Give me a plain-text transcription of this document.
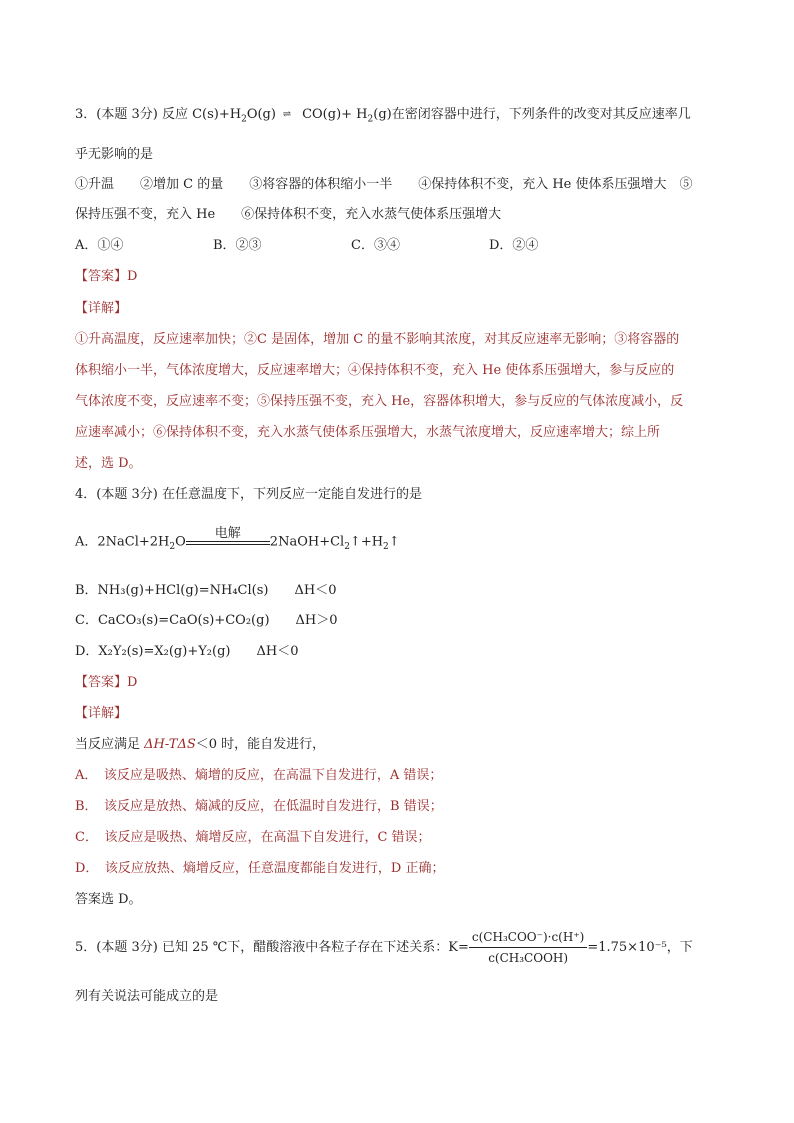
3．(本题 3分) 反应 $C(s)+H_2O(g)$ ⇌ $CO(g)+ H_2(g)$在密闭容器中进行，下列条件的改变对其反应速率几
乎无影响的是
①升温　　②增加 C 的量　　③将容器的体积缩小一半　　④保持体积不变，充入 He 使体系压强增大　⑤
保持压强不变，充入 He　　⑥保持体积不变，充入水蒸气使体系压强增大
A．①④	B．②③	C．③④	D．②④
【答案】D
【详解】
①升高温度，反应速率加快；②C 是固体，增加 C 的量不影响其浓度，对其反应速率无影响；③将容器的
体积缩小一半，气体浓度增大，反应速率增大；④保持体积不变，充入 He 使体系压强增大，参与反应的
气体浓度不变，反应速率不变；⑤保持压强不变，充入 He，容器体积增大，参与反应的气体浓度减小，反
应速率减小；⑥保持体积不变，充入水蒸气使体系压强增大，水蒸气浓度增大，反应速率增大；综上所
述，选 D。
4．(本题 3分) 在任意温度下，下列反应一定能自发进行的是
A．$2NaCl+2H_2O$
电解
$2NaOH+Cl_2↑+H_2↑$
B．NH₃(g)+HCl(g)=NH₄Cl(s)　　ΔH＜0
C．CaCO₃(s)=CaO(s)+CO₂(g)　　ΔH＞0
D．X₂Y₂(s)=X₂(g)+Y₂(g)　　ΔH＜0
【答案】D
【详解】
当反应满足 ΔH-TΔS＜0 时，能自发进行，
A．　该反应是吸热、熵增的反应，在高温下自发进行，A 错误；
B．　该反应是放热、熵减的反应，在低温时自发进行，B 错误；
C．　该反应是吸热、熵增反应，在高温下自发进行，C 错误；
D．　该反应放热、熵增反应，任意温度都能自发进行，D 正确；
答案选 D。
5．(本题 3分) 已知 25 ℃下，醋酸溶液中各粒子存在下述关系：$K= \frac{\text{c(CH₃COO⁻)·c(H⁺)}}{\text{c(CH₃COOH)}} =1.75\times 10^{-5}$，下
列有关说法可能成立的是
